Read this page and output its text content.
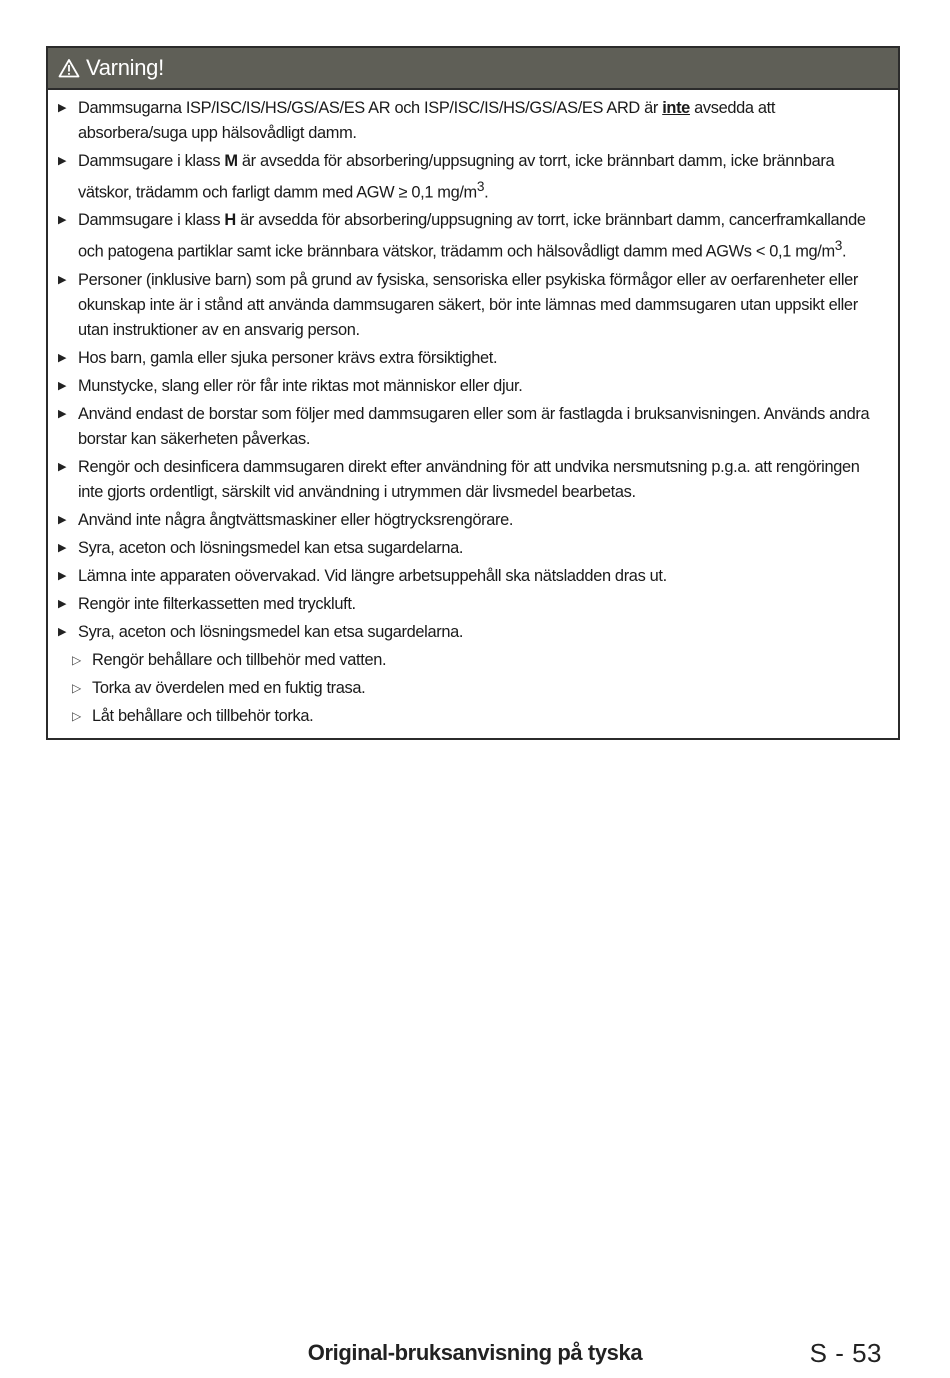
Varning!
▶ Dammsugarna ISP/ISC/IS/HS/GS/AS/ES AR och ISP/ISC/IS/HS/GS/AS/ES ARD är inte avsedda att absorbera/suga upp hälsovådligt damm.
▶ Dammsugare i klass M är avsedda för absorbering/uppsugning av torrt, icke brännbart damm, icke brännbara vätskor, trädamm och farligt damm med AGW ≥ 0,1 $mg/m^3$.
▶ Dammsugare i klass H är avsedda för absorbering/uppsugning av torrt, icke brännbart damm, cancerframkallande och patogena partiklar samt icke brännbara vätskor, trädamm och hälsovådligt damm med AGWs < 0,1 $mg/m^3$.
▶ Personer (inklusive barn) som på grund av fysiska, sensoriska eller psykiska förmågor eller av oerfarenheter eller okunskap inte är i stånd att använda dammsugaren säkert, bör inte lämnas med dammsugaren utan uppsikt eller utan instruktioner av en ansvarig person.
▶ Hos barn, gamla eller sjuka personer krävs extra försiktighet.
▶ Munstycke, slang eller rör får inte riktas mot människor eller djur.
▶ Använd endast de borstar som följer med dammsugaren eller som är fastlagda i bruksanvisningen. Används andra borstar kan säkerheten påverkas.
▶ Rengör och desinficera dammsugaren direkt efter användning för att undvika nersmutsning p.g.a. att rengöringen inte gjorts ordentligt, särskilt vid användning i utrymmen där livsmedel bearbetas.
▶ Använd inte några ångtvättsmaskiner eller högtrycksrengörare.
▶ Syra, aceton och lösningsmedel kan etsa sugardelarna.
▶ Lämna inte apparaten oövervakad. Vid längre arbetsuppehåll ska nätsladden dras ut.
▶ Rengör inte filterkassetten med tryckluft.
▶ Syra, aceton och lösningsmedel kan etsa sugardelarna.
▷ Rengör behållare och tillbehör med vatten.
▷ Torka av överdelen med en fuktig trasa.
▷ Låt behållare och tillbehör torka.
Original-bruksanvisning på tyska	S - 53
